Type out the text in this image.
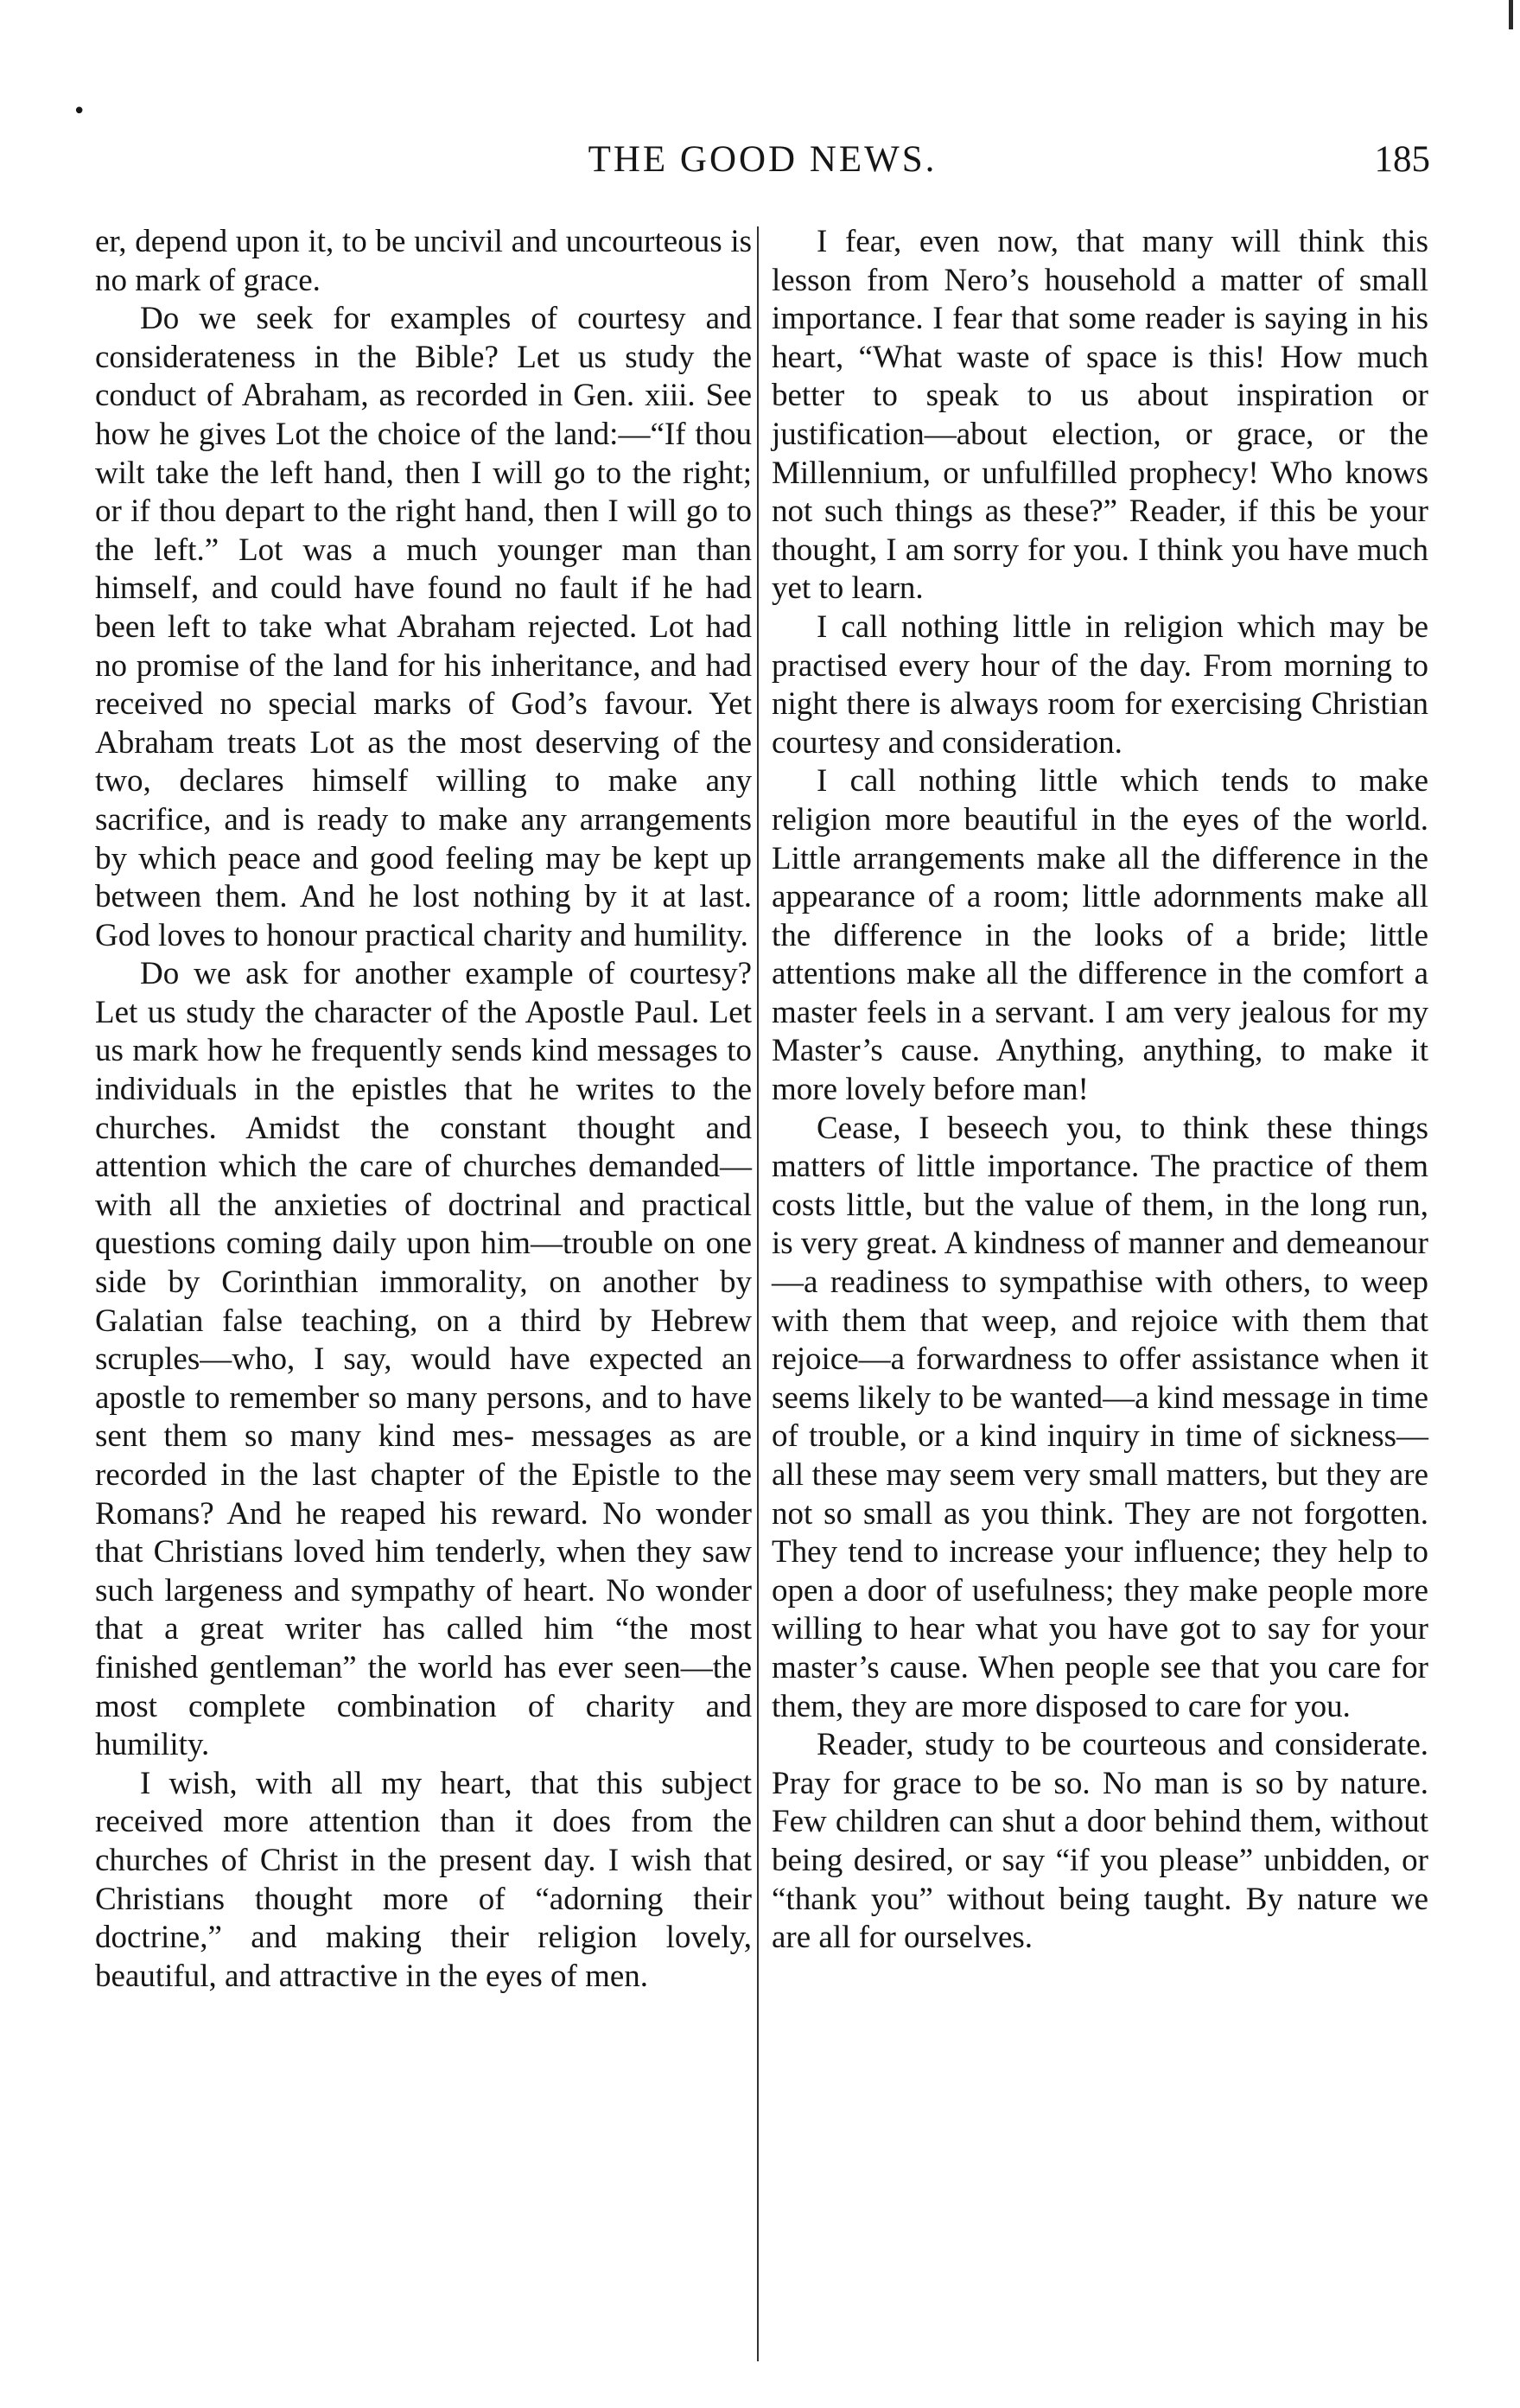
•
THE GOOD NEWS.	185

er, depend upon it, to be uncivil and uncourteous is no mark of grace.

Do we seek for examples of courtesy and considerateness in the Bible? Let us study the conduct of Abraham, as recorded in Gen. xiii. See how he gives Lot the choice of the land:—“If thou wilt take the left hand, then I will go to the right; or if thou depart to the right hand, then I will go to the left.” Lot was a much younger man than himself, and could have found no fault if he had been left to take what Abraham rejected. Lot had no promise of the land for his inheritance, and had received no special marks of God’s favour. Yet Abraham treats Lot as the most deserving of the two, declares himself willing to make any sacrifice, and is ready to make any arrangements by which peace and good feeling may be kept up between them. And he lost nothing by it at last. God loves to honour practical charity and humility.

Do we ask for another example of courtesy? Let us study the character of the Apostle Paul. Let us mark how he frequently sends kind messages to individuals in the epistles that he writes to the churches. Amidst the constant thought and attention which the care of churches demanded—with all the anxieties of doctrinal and practical questions coming daily upon him—trouble on one side by Corinthian immorality, on another by Galatian false teaching, on a third by Hebrew scruples—who, I say, would have expected an apostle to remember so many persons, and to have sent them so many kind mes- messages as are recorded in the last chapter of the Epistle to the Romans? And he reaped his reward. No wonder that Christians loved him tenderly, when they saw such largeness and sympathy of heart. No wonder that a great writer has called him “the most finished gentleman” the world has ever seen—the most complete combination of charity and humility.

I wish, with all my heart, that this subject received more attention than it does from the churches of Christ in the present day. I wish that Christians thought more of “adorning their doctrine,” and making their religion lovely, beautiful, and attractive in the eyes of men.

I fear, even now, that many will think this lesson from Nero’s household a matter of small importance. I fear that some reader is saying in his heart, “What waste of space is this! How much better to speak to us about inspiration or justification—about election, or grace, or the Millennium, or unfulfilled prophecy! Who knows not such things as these?” Reader, if this be your thought, I am sorry for you. I think you have much yet to learn.

I call nothing little in religion which may be practised every hour of the day. From morning to night there is always room for exercising Christian courtesy and consideration.

I call nothing little which tends to make religion more beautiful in the eyes of the world. Little arrangements make all the difference in the appearance of a room; little adornments make all the difference in the looks of a bride; little attentions make all the difference in the comfort a master feels in a servant. I am very jealous for my Master’s cause. Anything, anything, to make it more lovely before man!

Cease, I beseech you, to think these things matters of little importance. The practice of them costs little, but the value of them, in the long run, is very great. A kindness of manner and demeanour—a readiness to sympathise with others, to weep with them that weep, and rejoice with them that rejoice—a forwardness to offer assistance when it seems likely to be wanted—a kind message in time of trouble, or a kind inquiry in time of sickness—all these may seem very small matters, but they are not so small as you think. They are not forgotten. They tend to increase your influence; they help to open a door of usefulness; they make people more willing to hear what you have got to say for your master’s cause. When people see that you care for them, they are more disposed to care for you.

Reader, study to be courteous and considerate. Pray for grace to be so. No man is so by nature. Few children can shut a door behind them, without being desired, or say “if you please” unbidden, or “thank you” without being taught. By nature we are all for ourselves.
